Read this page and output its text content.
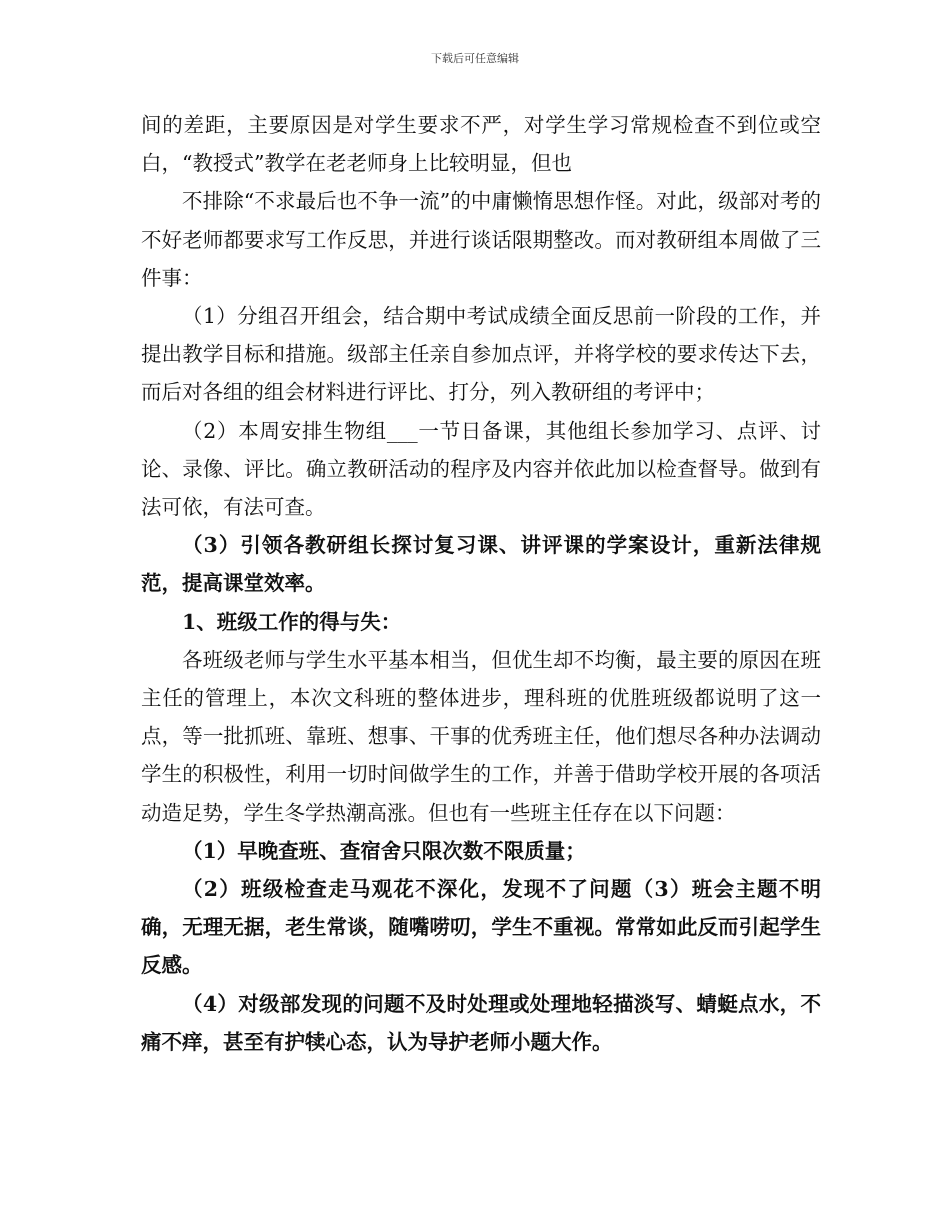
下载后可任意编辑

间的差距，主要原因是对学生要求不严，对学生学习常规检查不到位或空白，“教授式”教学在老老师身上比较明显，但也

不排除“不求最后也不争一流”的中庸懒惰思想作怪。对此，级部对考的不好老师都要求写工作反思，并进行谈话限期整改。而对教研组本周做了三件事：

（1）分组召开组会，结合期中考试成绩全面反思前一阶段的工作，并提出教学目标和措施。级部主任亲自参加点评，并将学校的要求传达下去，而后对各组的组会材料进行评比、打分，列入教研组的考评中；

（2）本周安排生物组___一节日备课，其他组长参加学习、点评、讨论、录像、评比。确立教研活动的程序及内容并依此加以检查督导。做到有法可依，有法可查。

（3）引领各教研组长探讨复习课、讲评课的学案设计，重新法律规范，提高课堂效率。

1、班级工作的得与失：

各班级老师与学生水平基本相当，但优生却不均衡，最主要的原因在班主任的管理上，本次文科班的整体进步，理科班的优胜班级都说明了这一点，等一批抓班、靠班、想事、干事的优秀班主任，他们想尽各种办法调动学生的积极性，利用一切时间做学生的工作，并善于借助学校开展的各项活动造足势，学生冬学热潮高涨。但也有一些班主任存在以下问题：

（1）早晚查班、查宿舍只限次数不限质量；

（2）班级检查走马观花不深化，发现不了问题（3）班会主题不明确，无理无据，老生常谈，随嘴唠叨，学生不重视。常常如此反而引起学生反感。

（4）对级部发现的问题不及时处理或处理地轻描淡写、蜻蜓点水，不痛不痒，甚至有护犊心态，认为导护老师小题大作。
